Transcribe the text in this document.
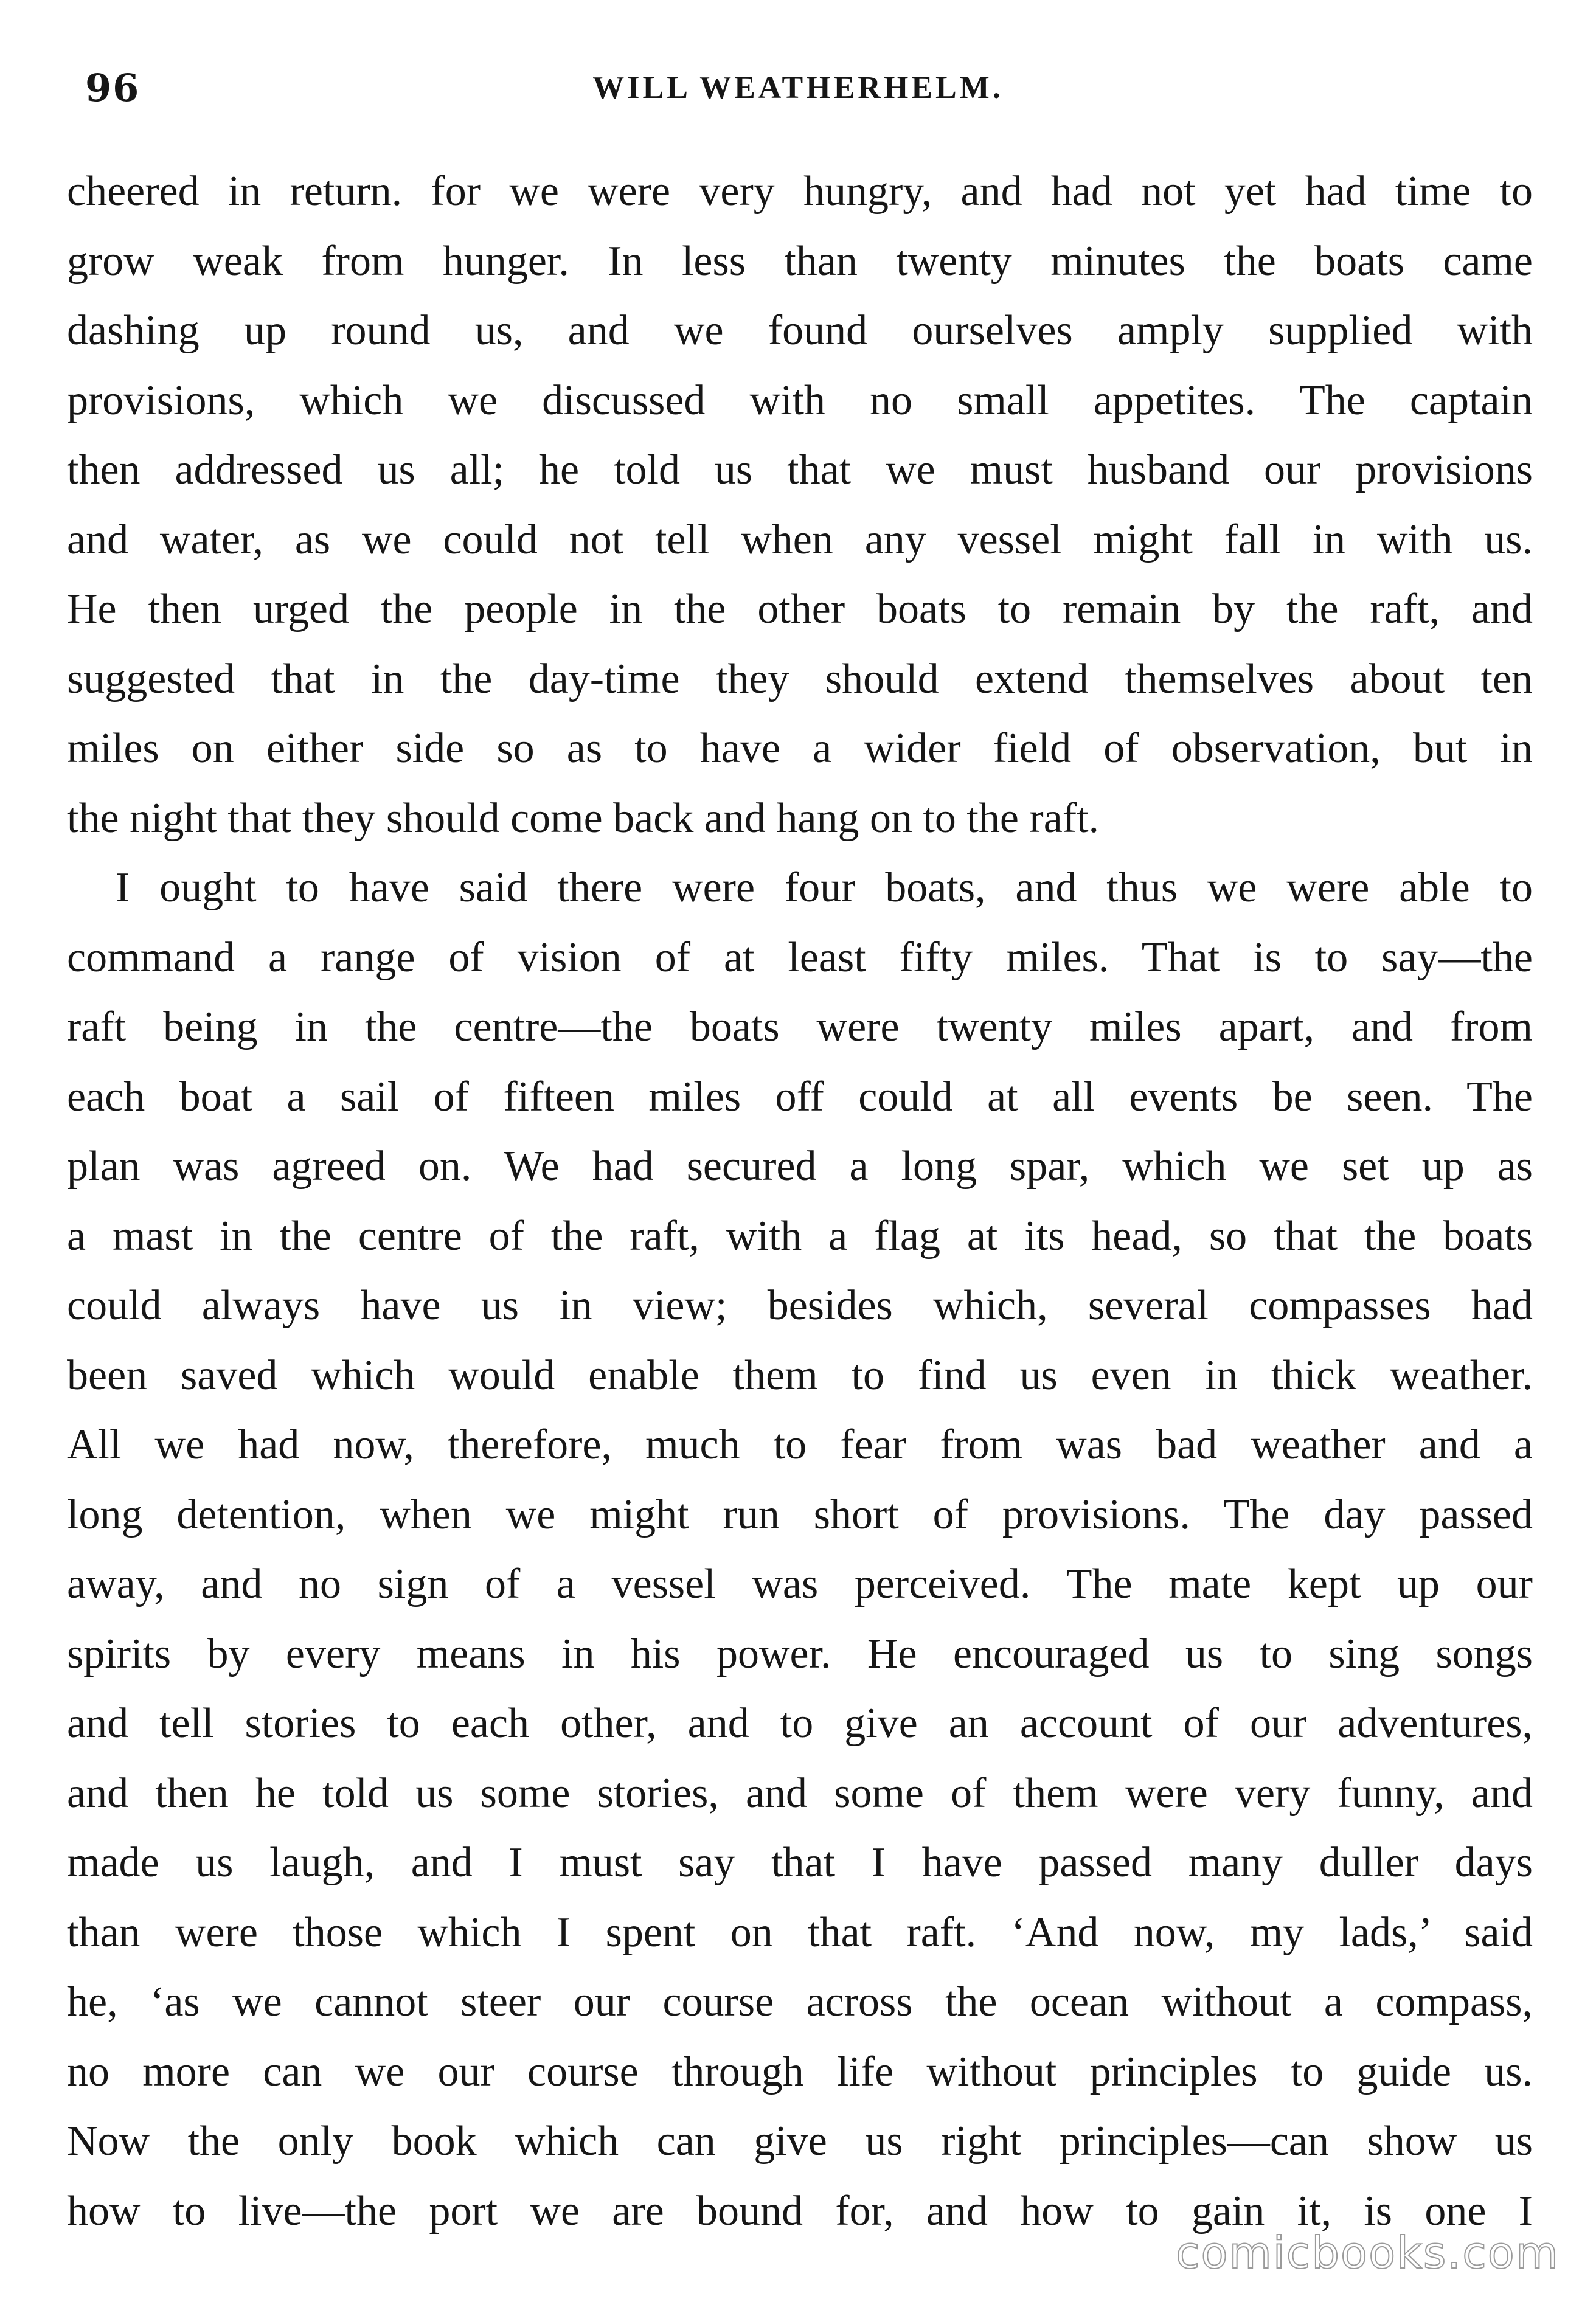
96	WILL WEATHERHELM.
cheered in return. for we were very hungry, and had not yet had time to
grow weak from hunger. In less than twenty minutes the boats came
dashing up round us, and we found ourselves amply supplied with
provisions, which we discussed with no small appetites. The captain
then addressed us all; he told us that we must husband our provisions
and water, as we could not tell when any vessel might fall in with us.
He then urged the people in the other boats to remain by the raft, and
suggested that in the day-time they should extend themselves about ten
miles on either side so as to have a wider field of observation, but in
the night that they should come back and hang on to the raft.
I ought to have said there were four boats, and thus we were able to
command a range of vision of at least fifty miles. That is to say—the
raft being in the centre—the boats were twenty miles apart, and from
each boat a sail of fifteen miles off could at all events be seen. The
plan was agreed on. We had secured a long spar, which we set up as
a mast in the centre of the raft, with a flag at its head, so that the boats
could always have us in view; besides which, several compasses had
been saved which would enable them to find us even in thick weather.
All we had now, therefore, much to fear from was bad weather and a
long detention, when we might run short of provisions. The day passed
away, and no sign of a vessel was perceived. The mate kept up our
spirits by every means in his power. He encouraged us to sing songs
and tell stories to each other, and to give an account of our adventures,
and then he told us some stories, and some of them were very funny, and
made us laugh, and I must say that I have passed many duller days
than were those which I spent on that raft. ‘And now, my lads,’ said
he, ‘as we cannot steer our course across the ocean without a compass,
no more can we our course through life without principles to guide us.
Now the only book which can give us right principles—can show us
how to live—the port we are bound for, and how to gain it, is one I
comicbooks.com
